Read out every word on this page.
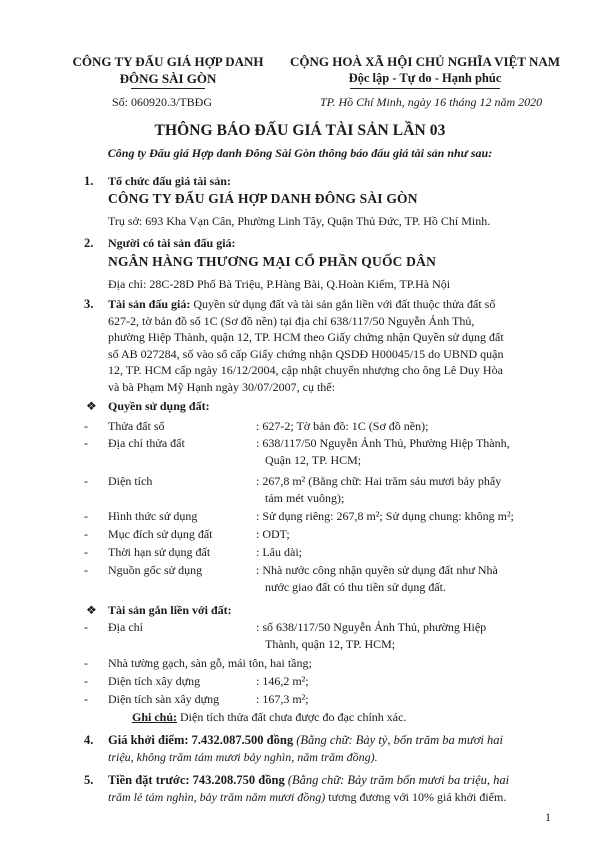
CÔNG TY ĐẤU GIÁ HỢP DANH
ĐÔNG SÀI GÒN
CỘNG HOÀ XÃ HỘI CHỦ NGHĨA VIỆT NAM
Độc lập - Tự do - Hạnh phúc
Số: 060920.3/TBĐG	TP. Hồ Chí Minh, ngày 16 tháng 12 năm 2020
THÔNG BÁO ĐẤU GIÁ TÀI SẢN LẦN 03
Công ty Đấu giá Hợp danh Đông Sài Gòn thông báo đấu giá tài sản như sau:
1. Tổ chức đấu giá tài sản:
CÔNG TY ĐẤU GIÁ HỢP DANH ĐÔNG SÀI GÒN
Trụ sở: 693 Kha Vạn Cân, Phường Linh Tây, Quận Thủ Đức, TP. Hồ Chí Minh.
2. Người có tài sản đấu giá:
NGÂN HÀNG THƯƠNG MẠI CỔ PHẦN QUỐC DÂN
Địa chỉ: 28C-28D Phố Bà Triệu, P.Hàng Bài, Q.Hoàn Kiếm, TP.Hà Nội
3. Tài sản đấu giá: Quyền sử dụng đất và tài sản gắn liền với đất thuộc thửa đất số
627-2, tờ bản đồ số 1C (Sơ đồ nền) tại địa chỉ 638/117/50 Nguyễn Ảnh Thủ,
phường Hiệp Thành, quận 12, TP. HCM theo Giấy chứng nhận Quyền sử dụng đất
số AB 027284, số vào sổ cấp Giấy chứng nhận QSDĐ H00045/15 do UBND quận
12, TP. HCM cấp ngày 16/12/2004, cập nhật chuyển nhượng cho ông Lê Duy Hòa
và bà Phạm Mỹ Hạnh ngày 30/07/2007, cụ thể:
❖ Quyền sử dụng đất:
- Thửa đất số	: 627-2; Tờ bản đồ: 1C (Sơ đồ nền);
- Địa chỉ thửa đất	: 638/117/50 Nguyễn Ảnh Thủ, Phường Hiệp Thành,
Quận 12, TP. HCM;
- Diện tích	: 267,8 m² (Bằng chữ: Hai trăm sáu mươi bảy phẩy
tám mét vuông);
- Hình thức sử dụng	: Sử dụng riêng: 267,8 m²; Sử dụng chung: không m²;
- Mục đích sử dụng đất	: ODT;
- Thời hạn sử dụng đất	: Lâu dài;
- Nguồn gốc sử dụng	: Nhà nước công nhận quyền sử dụng đất như Nhà
nước giao đất có thu tiền sử dụng đất.
❖ Tài sản gắn liền với đất:
- Địa chỉ	: số 638/117/50 Nguyễn Ảnh Thủ, phường Hiệp
Thành, quận 12, TP. HCM;
- Nhà tường gạch, sàn gỗ, mái tôn, hai tầng;
- Diện tích xây dựng	: 146,2 m²;
- Diện tích sàn xây dựng	: 167,3 m²;
Ghi chú: Diện tích thửa đất chưa được đo đạc chính xác.
4. Giá khởi điểm: 7.432.087.500 đồng (Bằng chữ: Bảy tỷ, bốn trăm ba mươi hai
triệu, không trăm tám mươi bảy nghìn, năm trăm đồng).
5. Tiền đặt trước: 743.208.750 đồng (Bằng chữ: Bảy trăm bốn mươi ba triệu, hai
trăm lẻ tám nghìn, bảy trăm năm mươi đồng) tương đương với 10% giá khởi điểm.
1
